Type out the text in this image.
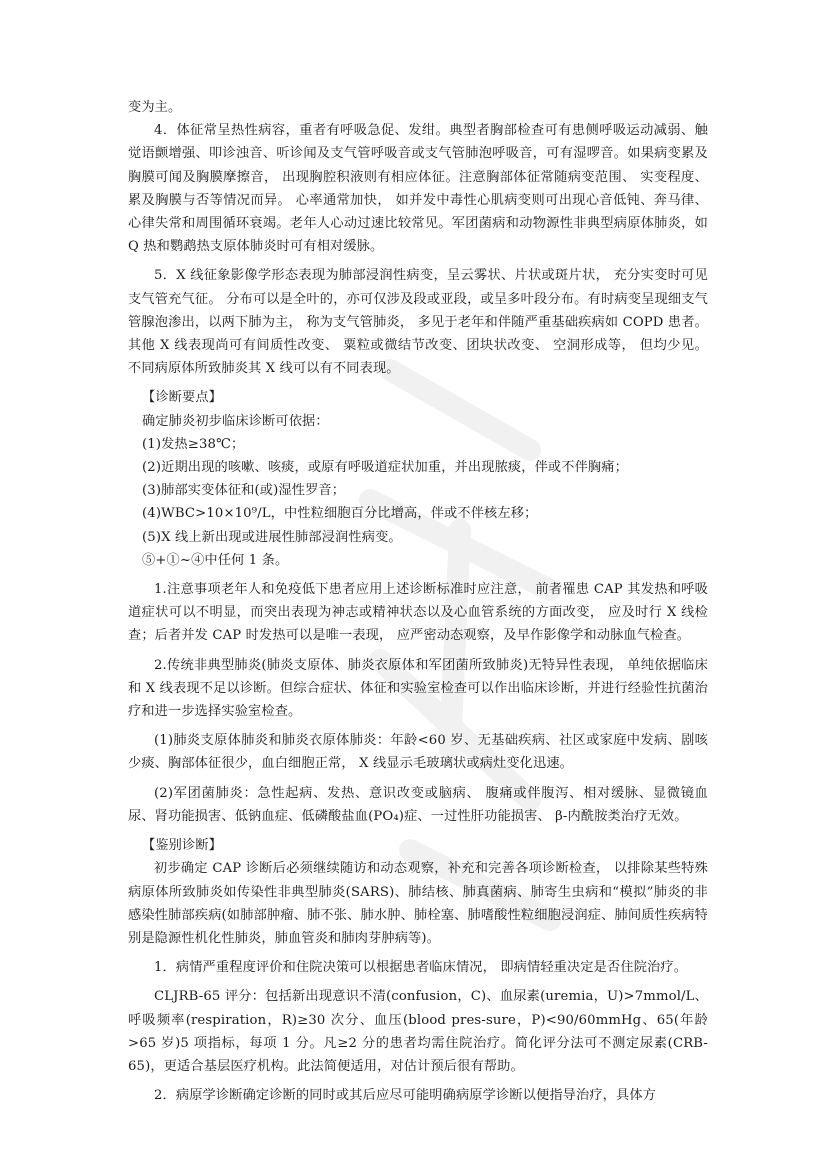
变为主。

4．体征常呈热性病容，重者有呼吸急促、发绀。典型者胸部检查可有患侧呼吸运动减弱、触觉语颤增强、叩诊浊音、听诊闻及支气管呼吸音或支气管肺泡呼吸音，可有湿啰音。如果病变累及胸膜可闻及胸膜摩擦音， 出现胸腔积液则有相应体征。注意胸部体征常随病变范围、 实变程度、累及胸膜与否等情况而异。 心率通常加快， 如并发中毒性心肌病变则可出现心音低钝、奔马律、心律失常和周围循环衰竭。老年人心动过速比较常见。军团菌病和动物源性非典型病原体肺炎，如 Q 热和鹦鹉热支原体肺炎时可有相对缓脉。

5．X 线征象影像学形态表现为肺部浸润性病变，呈云雾状、片状或斑片状， 充分实变时可见支气管充气征。 分布可以是全叶的，亦可仅涉及段或亚段，或呈多叶段分布。有时病变呈现细支气管腺泡渗出，以两下肺为主， 称为支气管肺炎， 多见于老年和伴随严重基础疾病如 COPD 患者。 其他 X 线表现尚可有间质性改变、 粟粒或微结节改变、团块状改变、 空洞形成等， 但均少见。 不同病原体所致肺炎其 X 线可以有不同表现。

【诊断要点】

确定肺炎初步临床诊断可依据：

(1)发热≥38℃；

(2)近期出现的咳嗽、咳痰，或原有呼吸道症状加重，并出现脓痰，伴或不伴胸痛；

(3)肺部实变体征和(或)湿性罗音；

(4)WBC>10×10⁹/L，中性粒细胞百分比增高，伴或不伴核左移；

(5)X 线上新出现或进展性肺部浸润性病变。

⑤+①~④中任何 1 条。

1.注意事项老年人和免疫低下患者应用上述诊断标准时应注意， 前者罹患 CAP 其发热和呼吸道症状可以不明显，而突出表现为神志或精神状态以及心血管系统的方面改变， 应及时行 X 线检查；后者并发 CAP 时发热可以是唯一表现， 应严密动态观察，及早作影像学和动脉血气检查。

2.传统非典型肺炎(肺炎支原体、肺炎衣原体和军团菌所致肺炎)无特异性表现， 单纯依据临床和 X 线表现不足以诊断。但综合症状、体征和实验室检查可以作出临床诊断，并进行经验性抗菌治疗和进一步选择实验室检查。

(1)肺炎支原体肺炎和肺炎衣原体肺炎：年龄<60 岁、无基础疾病、社区或家庭中发病、剧咳少痰、胸部体征很少，血白细胞正常， X 线显示毛玻璃状或病灶变化迅速。

(2)军团菌肺炎：急性起病、发热、意识改变或脑病、 腹痛或伴腹泻、相对缓脉、显微镜血尿、肾功能损害、低钠血症、低磷酸盐血(PO₄)症、一过性肝功能损害、 β-内酰胺类治疗无效。

【鉴别诊断】

初步确定 CAP 诊断后必须继续随访和动态观察，补充和完善各项诊断检查， 以排除某些特殊病原体所致肺炎如传染性非典型肺炎(SARS)、肺结核、肺真菌病、肺寄生虫病和“模拟”肺炎的非感染性肺部疾病(如肺部肿瘤、肺不张、肺水肿、肺栓塞、肺嗜酸性粒细胞浸润症、肺间质性疾病特别是隐源性机化性肺炎，肺血管炎和肺肉芽肿病等)。

1．病情严重程度评价和住院决策可以根据患者临床情况， 即病情轻重决定是否住院治疗。

CLJRB-65 评分：包括新出现意识不清(confusion，C)、血尿素(uremia，U)>7mmol/L、呼吸频率(respiration，R)≥30 次分、血压(blood pres-sure，P)<90/60mmHg、65(年龄>65 岁)5 项指标，每项 1 分。凡≥2 分的患者均需住院治疗。简化评分法可不测定尿素(CRB-65)，更适合基层医疗机构。此法简便适用，对估计预后很有帮助。

2．病原学诊断确定诊断的同时或其后应尽可能明确病原学诊断以便指导治疗，具体方
